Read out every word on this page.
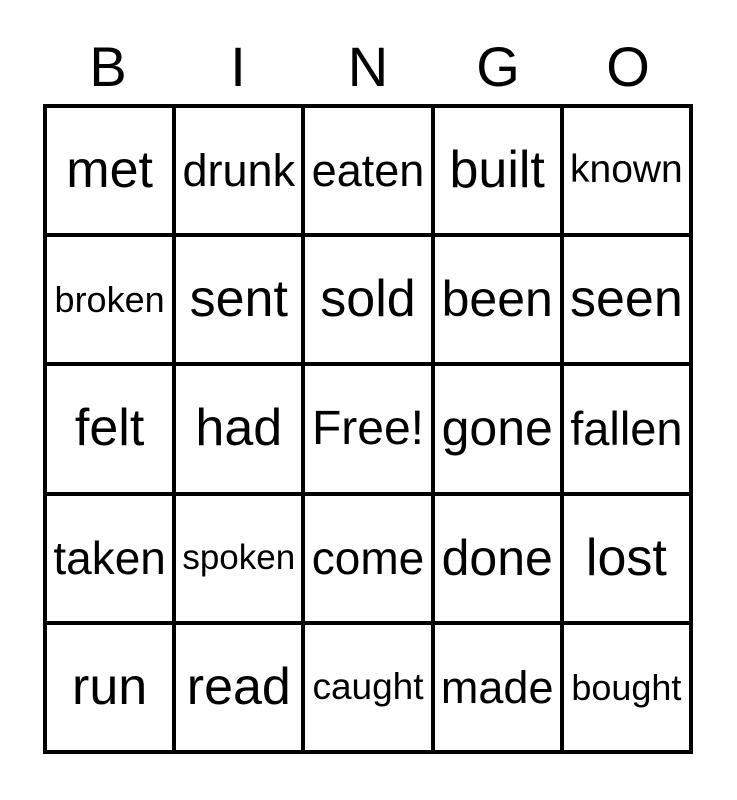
B	I	N	G	O
met drunk eaten built known
broken sent sold been seen
felt had Free! gone fallen
taken spoken come done lost
run read caught made bought
